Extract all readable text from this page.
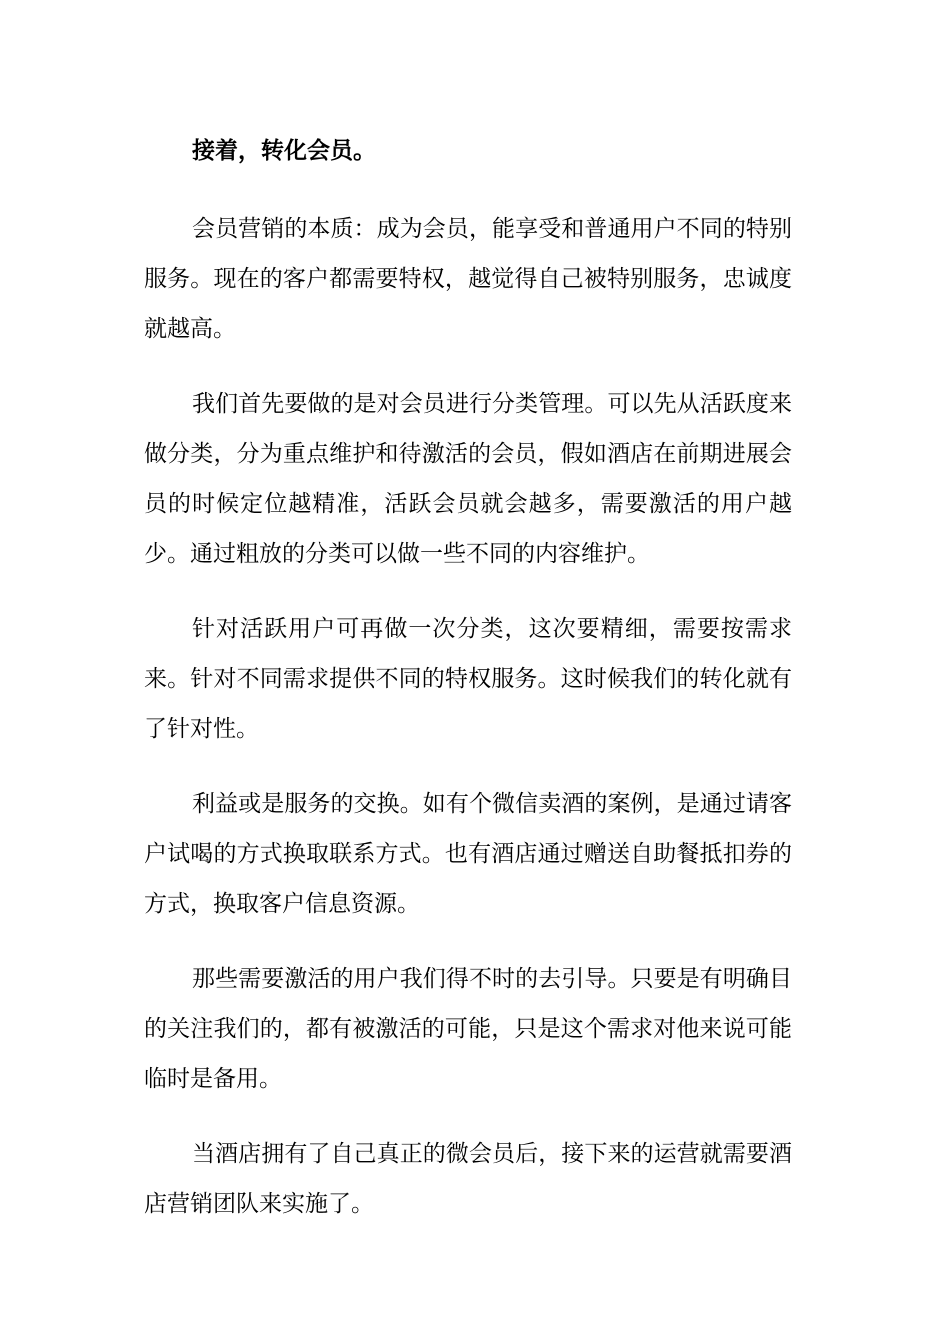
接着，转化会员。

会员营销的本质：成为会员，能享受和普通用户不同的特别服务。现在的客户都需要特权，越觉得自己被特别服务，忠诚度就越高。

我们首先要做的是对会员进行分类管理。可以先从活跃度来做分类，分为重点维护和待激活的会员，假如酒店在前期进展会员的时候定位越精准，活跃会员就会越多，需要激活的用户越少。通过粗放的分类可以做一些不同的内容维护。

针对活跃用户可再做一次分类，这次要精细，需要按需求来。针对不同需求提供不同的特权服务。这时候我们的转化就有了针对性。

利益或是服务的交换。如有个微信卖酒的案例，是通过请客户试喝的方式换取联系方式。也有酒店通过赠送自助餐抵扣券的方式，换取客户信息资源。

那些需要激活的用户我们得不时的去引导。只要是有明确目的关注我们的，都有被激活的可能，只是这个需求对他来说可能临时是备用。

当酒店拥有了自己真正的微会员后，接下来的运营就需要酒店营销团队来实施了。
